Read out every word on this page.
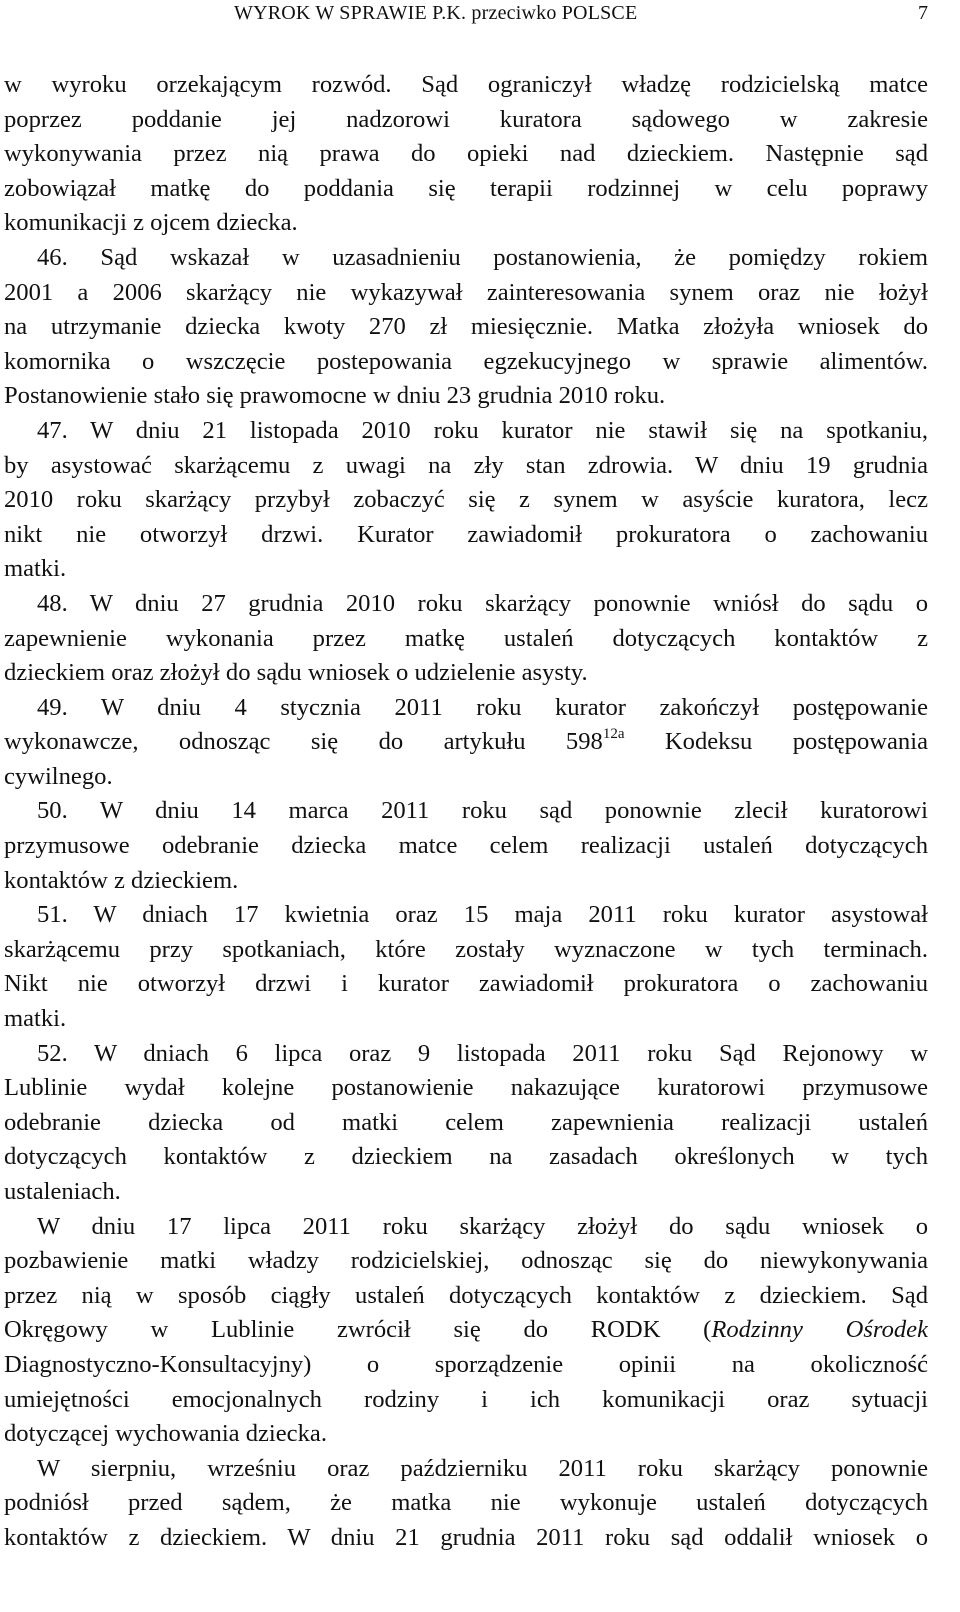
WYROK W SPRAWIE P.K. przeciwko POLSCE	7
w wyroku orzekającym rozwód. Sąd ograniczył władzę rodzicielską matce
poprzez poddanie jej nadzorowi kuratora sądowego w zakresie
wykonywania przez nią prawa do opieki nad dzieckiem. Następnie sąd
zobowiązał matkę do poddania się terapii rodzinnej w celu poprawy
komunikacji z ojcem dziecka.
46. Sąd wskazał w uzasadnieniu postanowienia, że pomiędzy rokiem
2001 a 2006 skarżący nie wykazywał zainteresowania synem oraz nie łożył
na utrzymanie dziecka kwoty 270 zł miesięcznie. Matka złożyła wniosek do
komornika o wszczęcie postepowania egzekucyjnego w sprawie alimentów.
Postanowienie stało się prawomocne w dniu 23 grudnia 2010 roku.
47. W dniu 21 listopada 2010 roku kurator nie stawił się na spotkaniu,
by asystować skarżącemu z uwagi na zły stan zdrowia. W dniu 19 grudnia
2010 roku skarżący przybył zobaczyć się z synem w asyście kuratora, lecz
nikt nie otworzył drzwi. Kurator zawiadomił prokuratora o zachowaniu
matki.
48. W dniu 27 grudnia 2010 roku skarżący ponownie wniósł do sądu o
zapewnienie wykonania przez matkę ustaleń dotyczących kontaktów z
dzieckiem oraz złożył do sądu wniosek o udzielenie asysty.
49. W dniu 4 stycznia 2011 roku kurator zakończył postępowanie
wykonawcze, odnosząc się do artykułu $598^{12a}$ Kodeksu postępowania
cywilnego.
50. W dniu 14 marca 2011 roku sąd ponownie zlecił kuratorowi
przymusowe odebranie dziecka matce celem realizacji ustaleń dotyczących
kontaktów z dzieckiem.
51. W dniach 17 kwietnia oraz 15 maja 2011 roku kurator asystował
skarżącemu przy spotkaniach, które zostały wyznaczone w tych terminach.
Nikt nie otworzył drzwi i kurator zawiadomił prokuratora o zachowaniu
matki.
52. W dniach 6 lipca oraz 9 listopada 2011 roku Sąd Rejonowy w
Lublinie wydał kolejne postanowienie nakazujące kuratorowi przymusowe
odebranie dziecka od matki celem zapewnienia realizacji ustaleń
dotyczących kontaktów z dzieckiem na zasadach określonych w tych
ustaleniach.
W dniu 17 lipca 2011 roku skarżący złożył do sądu wniosek o
pozbawienie matki władzy rodzicielskiej, odnosząc się do niewykonywania
przez nią w sposób ciągły ustaleń dotyczących kontaktów z dzieckiem. Sąd
Okręgowy w Lublinie zwrócił się do RODK (Rodzinny Ośrodek
Diagnostyczno-Konsultacyjny) o sporządzenie opinii na okoliczność
umiejętności emocjonalnych rodziny i ich komunikacji oraz sytuacji
dotyczącej wychowania dziecka.
W sierpniu, wrześniu oraz październiku 2011 roku skarżący ponownie
podniósł przed sądem, że matka nie wykonuje ustaleń dotyczących
kontaktów z dzieckiem. W dniu 21 grudnia 2011 roku sąd oddalił wniosek o
